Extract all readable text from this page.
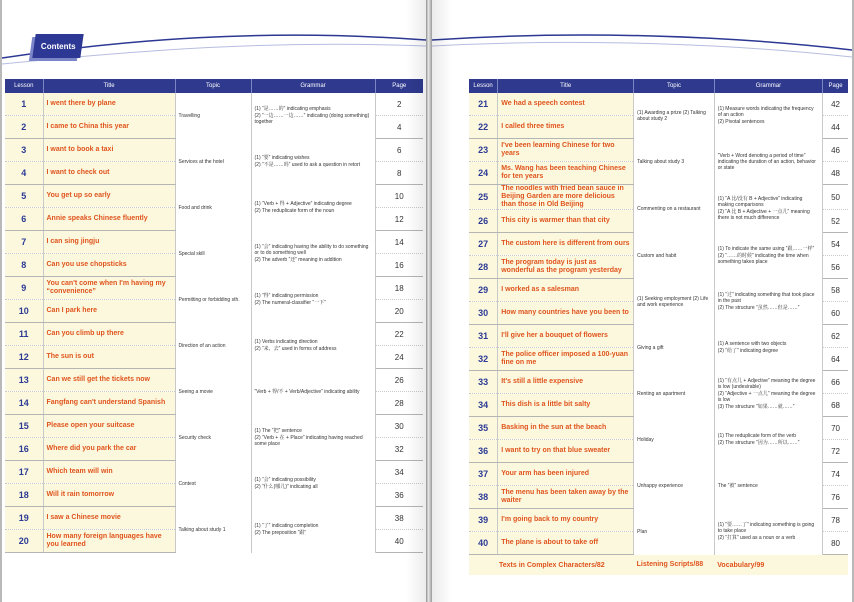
Contents
Lesson	Title	Topic	Grammar	Page
1	I went there by plane	Travelling	(1) “是……的” indicating emphasis
(2) “一边……一边……” indicating (doing something) together	2
2	I came to China this year			4
3	I want to book a taxi	Services at the hotel	(1) “要” indicating wishes
(2) “不是……吗” used to ask a question in retort	6
4	I want to check out			8
5	You get up so early	Food and drink	(1) “Verb + 得 + Adjective” indicating degree
(2) The reduplicate form of the noun	10
6	Annie speaks Chinese fluently			12
7	I can sing jingju	Special skill	(1) “会” indicating having the ability to do something or to do something well
(2) The adverb “还” meaning in addition	14
8	Can you use chopsticks			16
9	You can't come when I'm having my “convenience”	Permitting or forbidding sth.	(1) “得” indicating permission
(2) The numeral-classifier “一下”	18
10	Can I park here			20
11	Can you climb up there	Direction of an action	(1) Verbs indicating direction
(2) “来、去” used in forms of address	22
12	The sun is out			24
13	Can we still get the tickets now	Seeing a movie	“Verb + 得/不 + Verb/Adjective” indicating ability	26
14	Fangfang can't understand Spanish			28
15	Please open your suitcase	Security check	(1) The “把” sentence
(2) “Verb + 在 + Place” indicating having reached some place	30
16	Where did you park the car			32
17	Which team will win	Contest	(1) “会” indicating possibility
(2) “什么(哪儿)” indicating all	34
18	Will it rain tomorrow			36
19	I saw a Chinese movie	Talking about study 1	(1) “了” indicating completion
(2) The preposition “跟”	38
20	How many foreign languages have you learned			40
Lesson	Title	Topic	Grammar	Page
21	We had a speech contest	(1) Awarding a prize (2) Talking about study 2	(1) Measure words indicating the frequency of an action
(2) Pivotal sentences	42
22	I called three times			44
23	I've been learning Chinese for two years	Talking about study 3	“Verb + Word denoting a period of time” indicating the duration of an action, behavior or state	46
24	Ms. Wang has been teaching Chinese for ten years			48
25	The noodles with fried bean sauce in Beijing Garden are more delicious than those in Old Beijing	Commenting on a restaurant	(1) “A 比/没有 B + Adjective” indicating making comparisons
(2) “A 比 B + Adjective + 一点儿” meaning there is not much difference	50
26	This city is warmer than that city			52
27	The custom here is different from ours	Custom and habit	(1) To indicate the same using “跟……一样”
(2) “……的时候” indicating the time when something takes place	54
28	The program today is just as wonderful as the program yesterday			56
29	I worked as a salesman	(1) Seeking employment (2) Life and work experience	(1) “过” indicating something that took place in the past
(2) The structure “虽然……但是……”	58
30	How many countries have you been to			60
31	I'll give her a bouquet of flowers	Giving a gift	(1) A sentence with two objects
(2) “给了” indicating degree	62
32	The police officer imposed a 100-yuan fine on me			64
33	It's still a little expensive	Renting an apartment	(1) “有点儿 + Adjective” meaning the degree is low (undesirable)
(2) “Adjective + 一点儿” meaning the degree is low
(3) The structure “如果……就……”	66
34	This dish is a little bit salty			68
35	Basking in the sun at the beach	Holiday	(1) The reduplicate form of the verb
(2) The structure “因为……所以……”	70
36	I want to try on that blue sweater			72
37	Your arm has been injured	Unhappy experience	The “被” sentence	74
38	The menu has been taken away by the waiter			76
39	I'm going back to my country	Plan	(1) “要……了” indicating something is going to take place
(2) “打算” used as a noun or a verb	78
40	The plane is about to take off			80
Texts in Complex Characters/82		Listening Scripts/88	Vocabulary/99	
